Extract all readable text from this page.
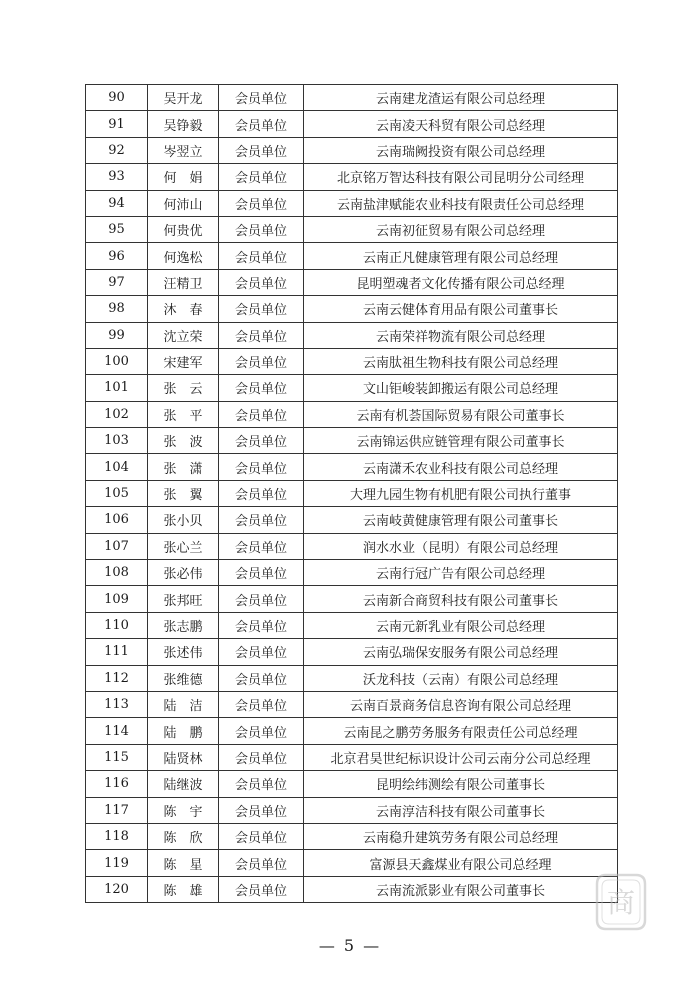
90	吴开龙	会员单位	云南建龙渣运有限公司总经理
91	吴铮毅	会员单位	云南凌天科贸有限公司总经理
92	岑翌立	会员单位	云南瑞阙投资有限公司总经理
93	何　娟	会员单位	北京铭万智达科技有限公司昆明分公司经理
94	何沛山	会员单位	云南盐津赋能农业科技有限责任公司总经理
95	何贵优	会员单位	云南初征贸易有限公司总经理
96	何逸松	会员单位	云南正凡健康管理有限公司总经理
97	汪精卫	会员单位	昆明塑魂者文化传播有限公司总经理
98	沐　春	会员单位	云南云健体育用品有限公司董事长
99	沈立荣	会员单位	云南荣祥物流有限公司总经理
100	宋建军	会员单位	云南肽祖生物科技有限公司总经理
101	张　云	会员单位	文山钜峻装卸搬运有限公司总经理
102	张　平	会员单位	云南有机荟国际贸易有限公司董事长
103	张　波	会员单位	云南锦运供应链管理有限公司董事长
104	张　潇	会员单位	云南潇禾农业科技有限公司总经理
105	张　翼	会员单位	大理九园生物有机肥有限公司执行董事
106	张小贝	会员单位	云南岐黄健康管理有限公司董事长
107	张心兰	会员单位	润水水业（昆明）有限公司总经理
108	张必伟	会员单位	云南行冠广告有限公司总经理
109	张邦旺	会员单位	云南新合商贸科技有限公司董事长
110	张志鹏	会员单位	云南元新乳业有限公司总经理
111	张述伟	会员单位	云南弘瑞保安服务有限公司总经理
112	张维德	会员单位	沃龙科技（云南）有限公司总经理
113	陆　洁	会员单位	云南百景商务信息咨询有限公司总经理
114	陆　鹏	会员单位	云南昆之鹏劳务服务有限责任公司总经理
115	陆贤林	会员单位	北京君昊世纪标识设计公司云南分公司总经理
116	陆继波	会员单位	昆明绘纬测绘有限公司董事长
117	陈　宇	会员单位	云南淳洁科技有限公司董事长
118	陈　欣	会员单位	云南稳升建筑劳务有限公司总经理
119	陈　星	会员单位	富源县天鑫煤业有限公司总经理
120	陈　雄	会员单位	云南流派影业有限公司董事长
— 5 —
商
